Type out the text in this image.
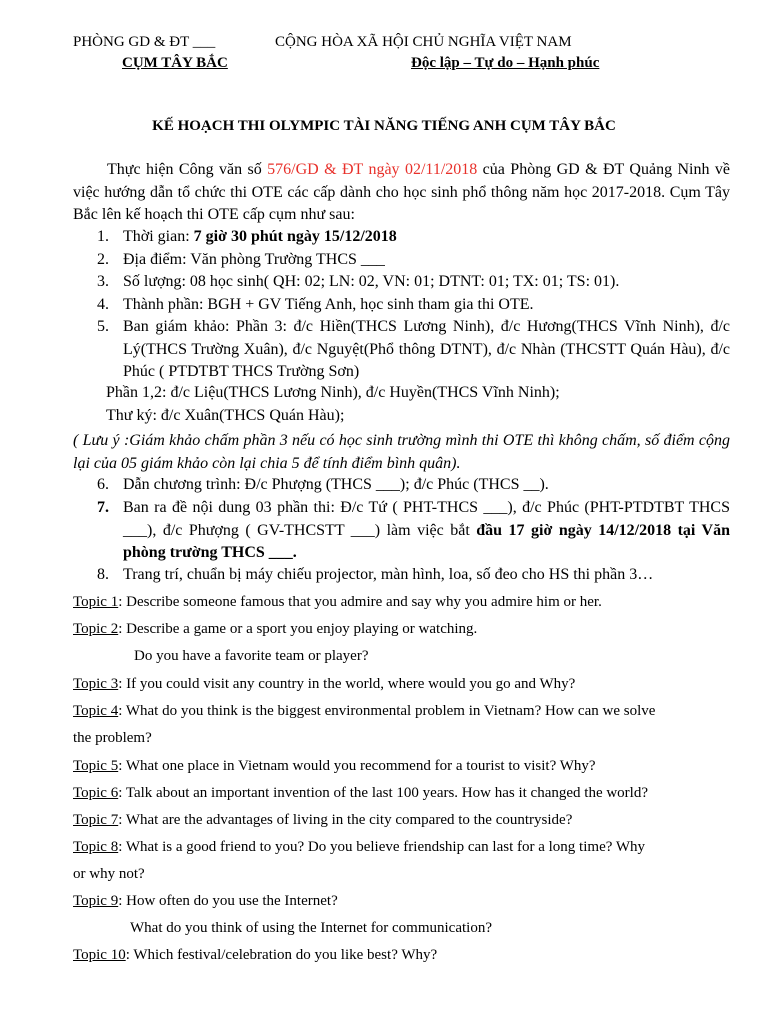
PHÒNG GD & ĐT ___	CỘNG HÒA XÃ HỘI CHỦ NGHĨA VIỆT NAM
CỤM TÂY BẮC	Độc lập – Tự do – Hạnh phúc
KẾ HOẠCH THI OLYMPIC TÀI NĂNG TIẾNG ANH CỤM TÂY BẮC
Thực hiện Công văn số 576/GD & ĐT ngày 02/11/2018 của Phòng GD & ĐT Quảng Ninh về việc hướng dẫn tổ chức thi OTE các cấp dành cho học sinh phổ thông năm học 2017-2018. Cụm Tây Bắc lên kế hoạch thi OTE cấp cụm như sau:
1. Thời gian: 7 giờ 30 phút ngày 15/12/2018
2. Địa điểm: Văn phòng Trường THCS ___
3. Số lượng: 08 học sinh( QH: 02; LN: 02, VN: 01; DTNT: 01; TX: 01; TS: 01).
4. Thành phần: BGH + GV Tiếng Anh, học sinh tham gia thi OTE.
5. Ban giám khảo: Phần 3: đ/c Hiền(THCS Lương Ninh), đ/c Hương(THCS Vĩnh Ninh), đ/c Lý(THCS Trường Xuân), đ/c Nguyệt(Phổ thông DTNT), đ/c Nhàn (THCSTT Quán Hàu), đ/c Phúc ( PTDTBT THCS Trường Sơn)
Phần 1,2: đ/c Liệu(THCS Lương Ninh), đ/c Huyền(THCS Vĩnh Ninh);
Thư ký: đ/c Xuân(THCS Quán Hàu);
( Lưu ý :Giám khảo chấm phần 3 nếu có học sinh trường mình thi OTE thì không chấm, số điểm cộng lại của 05 giám khảo còn lại chia 5 để tính điểm bình quân).
6. Dẫn chương trình: Đ/c Phượng (THCS ___); đ/c Phúc (THCS __).
7. Ban ra đề nội dung 03 phần thi: Đ/c Tứ ( PHT-THCS ___), đ/c Phúc (PHT-PTDTBT THCS ___), đ/c Phượng ( GV-THCSTT ___) làm việc bắt đầu 17 giờ ngày 14/12/2018 tại Văn phòng trường THCS ___.
8. Trang trí, chuẩn bị máy chiếu projector, màn hình, loa, số đeo cho HS thi phần 3…
Topic 1: Describe someone famous that you admire and say why you admire him or her.
Topic 2: Describe a game or a sport you enjoy playing or watching.
Do you have a favorite team or player?
Topic 3: If you could visit any country in the world, where would you go and Why?
Topic 4: What do you think is the biggest environmental problem in Vietnam? How can we solve
the problem?
Topic 5: What one place in Vietnam would you recommend for a tourist to visit? Why?
Topic 6: Talk about an important invention of the last 100 years. How has it changed the world?
Topic 7: What are the advantages of living in the city compared to the countryside?
Topic 8: What is a good friend to you? Do you believe friendship can last for a long time? Why
or why not?
Topic 9: How often do you use the Internet?
What do you think of using the Internet for communication?
Topic 10: Which festival/celebration do you like best? Why?
